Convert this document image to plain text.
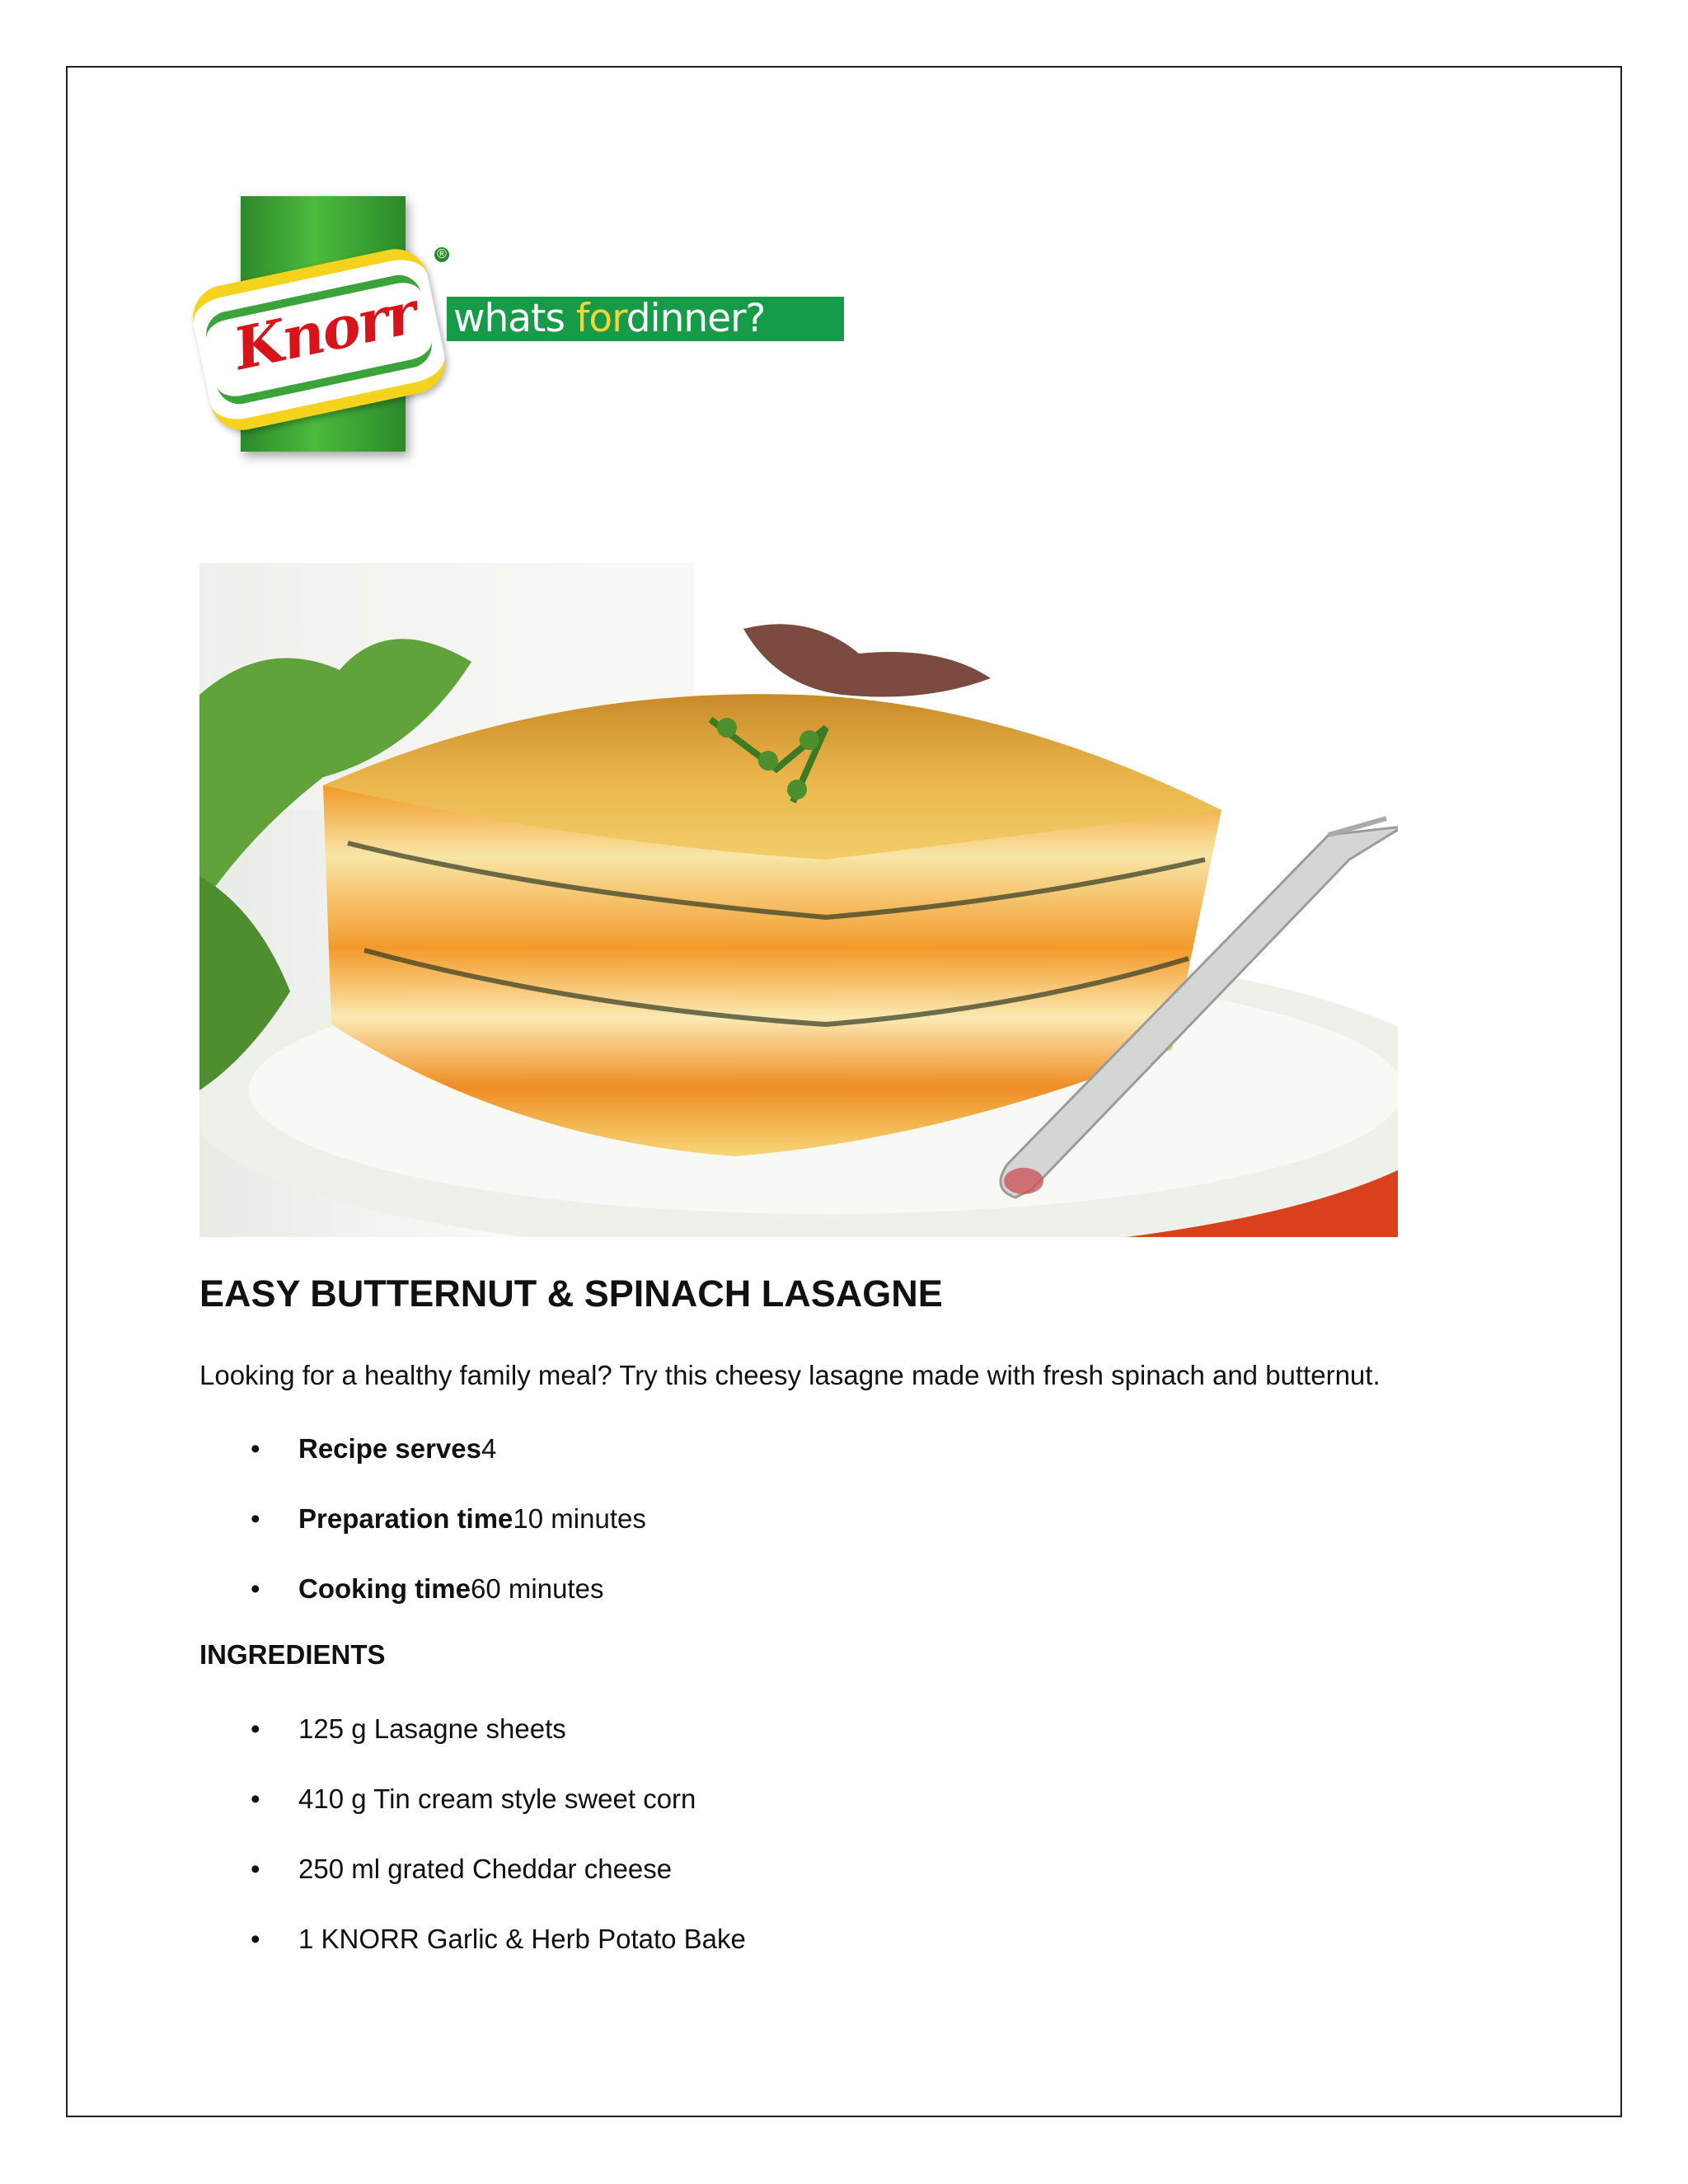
Knorr
®
whats fordinner?
EASY BUTTERNUT & SPINACH LASAGNE

Looking for a healthy family meal? Try this cheesy lasagne made with fresh spinach and butternut.

• Recipe serves4
• Preparation time10 minutes
• Cooking time60 minutes
INGREDIENTS
• 125 g Lasagne sheets
• 410 g Tin cream style sweet corn
• 250 ml grated Cheddar cheese
• 1 KNORR Garlic & Herb Potato Bake
